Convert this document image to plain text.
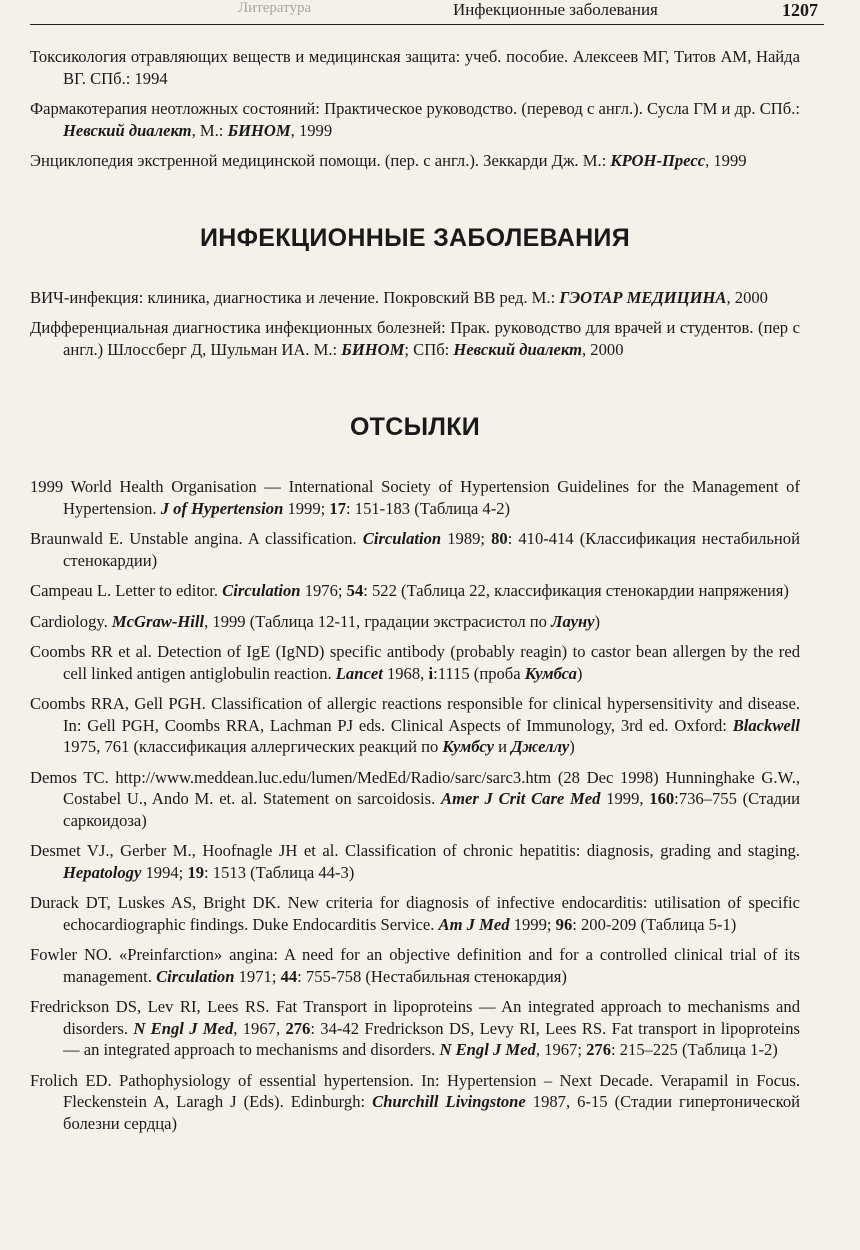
Литература	Инфекционные заболевания	1207

Токсикология отравляющих веществ и медицинская защита: учеб. пособие. Алексеев МГ, Титов АМ, Найда ВГ. СПб.: 1994

Фармакотерапия неотложных состояний: Практическое руководство. (перевод с англ.). Сусла ГМ и др. СПб.: Невский диалект, М.: БИНОМ, 1999

Энциклопедия экстренной медицинской помощи. (пер. с англ.). Зеккарди Дж. М.: КРОН-Пресс, 1999

ИНФЕКЦИОННЫЕ ЗАБОЛЕВАНИЯ

ВИЧ-инфекция: клиника, диагностика и лечение. Покровский ВВ ред. М.: ГЭОТАР МЕДИЦИНА, 2000

Дифференциальная диагностика инфекционных болезней: Прак. руководство для врачей и студентов. (пер с англ.) Шлоссберг Д, Шульман ИА. М.: БИНОМ; СПб: Невский диалект, 2000

ОТСЫЛКИ

1999 World Health Organisation — International Society of Hypertension Guidelines for the Management of Hypertension. J of Hypertension 1999; 17: 151-183 (Таблица 4-2)

Braunwald E. Unstable angina. A classification. Circulation 1989; 80: 410-414 (Классификация нестабильной стенокардии)

Campeau L. Letter to editor. Circulation 1976; 54: 522 (Таблица 22, классификация стенокардии напряжения)

Cardiology. McGraw-Hill, 1999 (Таблица 12-11, градации экстрасистол по Лауну)

Coombs RR et al. Detection of IgE (IgND) specific antibody (probably reagin) to castor bean allergen by the red cell linked antigen antiglobulin reaction. Lancet 1968, i:1115 (проба Кумбса)

Coombs RRA, Gell PGH. Classification of allergic reactions responsible for clinical hypersensitivity and disease. In: Gell PGH, Coombs RRA, Lachman PJ eds. Clinical Aspects of Immunology, 3rd ed. Oxford: Blackwell 1975, 761 (классификация аллергических реакций по Кумбсу и Джеллу)

Demos TC. http://www.meddean.luc.edu/lumen/MedEd/Radio/sarc/sarc3.htm (28 Dec 1998) Hunninghake G.W., Costabel U., Ando M. et. al. Statement on sarcoidosis. Amer J Crit Care Med 1999, 160:736–755 (Стадии саркоидоза)

Desmet VJ., Gerber M., Hoofnagle JH et al. Classification of chronic hepatitis: diagnosis, grading and staging. Hepatology 1994; 19: 1513 (Таблица 44-3)

Durack DT, Luskes AS, Bright DK. New criteria for diagnosis of infective endocarditis: utilisation of specific echocardiographic findings. Duke Endocarditis Service. Am J Med 1999; 96: 200-209 (Таблица 5-1)

Fowler NO. «Preinfarction» angina: A need for an objective definition and for a controlled clinical trial of its management. Circulation 1971; 44: 755-758 (Нестабильная стенокардия)

Fredrickson DS, Lev RI, Lees RS. Fat Transport in lipoproteins — An integrated approach to mechanisms and disorders. N Engl J Med, 1967, 276: 34-42 Fredrickson DS, Levy RI, Lees RS. Fat transport in lipoproteins — an integrated approach to mechanisms and disorders. N Engl J Med, 1967; 276: 215–225 (Таблица 1-2)

Frolich ED. Pathophysiology of essential hypertension. In: Hypertension – Next Decade. Verapamil in Focus. Fleckenstein A, Laragh J (Eds). Edinburgh: Churchill Livingstone 1987, 6-15 (Стадии гипертонической болезни сердца)
